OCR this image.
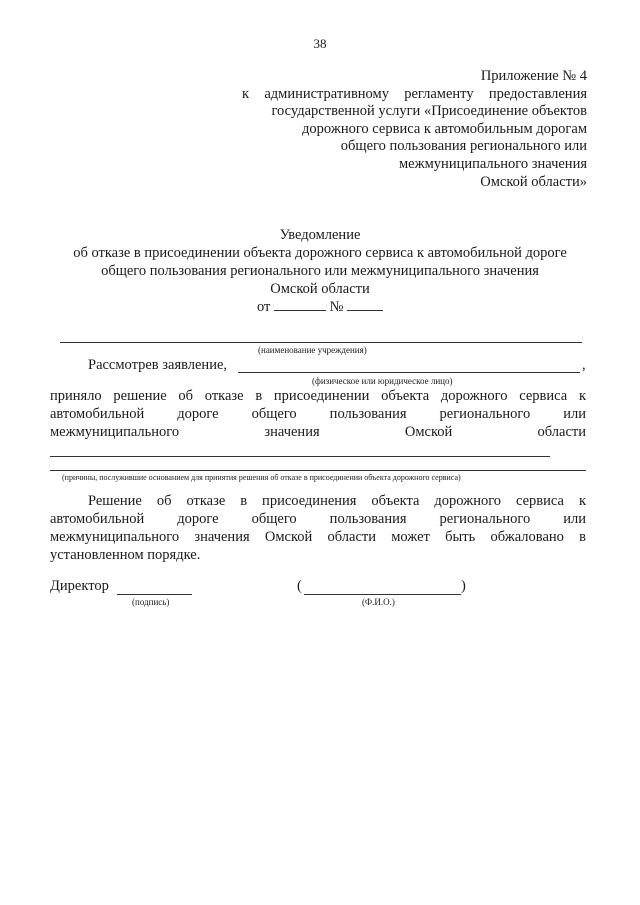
38
Приложение № 4
к административному регламенту предоставления
государственной услуги «Присоединение объектов
дорожного сервиса к автомобильным дорогам
общего пользования регионального или
межмуниципального значения
Омской области»
Уведомление
об отказе в присоединении объекта дорожного сервиса к автомобильной дороге
общего пользования регионального или межмуниципального значения
Омской области
от	№
(наименование учреждения)
Рассмотрев заявление,	,
(физическое или юридическое лицо)
приняло решение об отказе в присоединении объекта дорожного сервиса к
автомобильной дороге общего пользования регионального или
межмуниципального значения Омской области
(причины, послужившие основанием для принятия решения об отказе в присоединении объекта дорожного сервиса)
Решение об отказе в присоединения объекта дорожного сервиса к
автомобильной дороге общего пользования регионального или
межмуниципального значения Омской области может быть обжаловано в
установленном порядке.
Директор
(подпись)
(	)
(Ф.И.О.)
